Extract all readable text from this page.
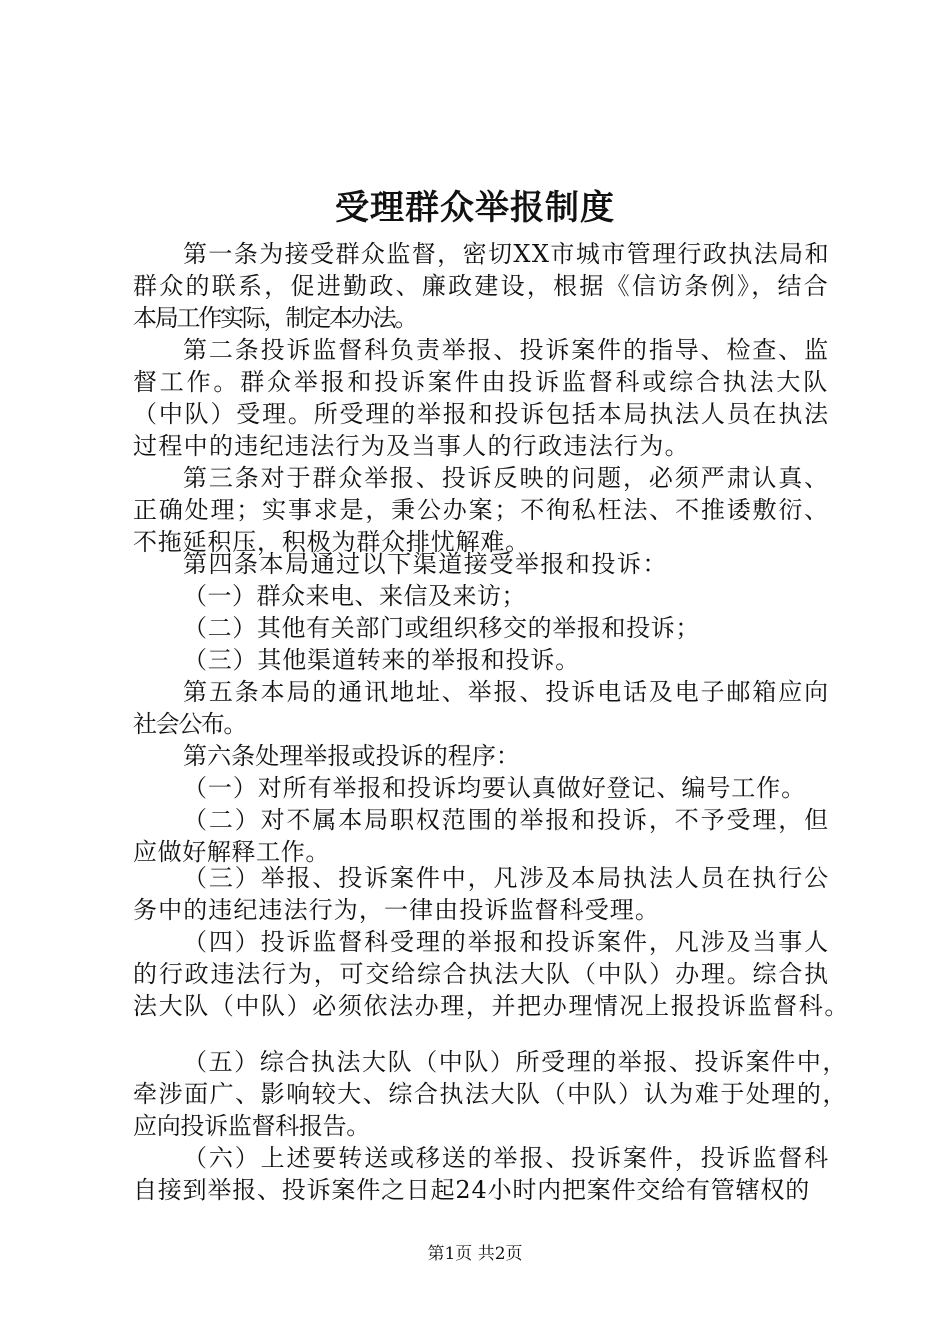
受理群众举报制度
第一条为接受群众监督，密切XX市城市管理行政执法局和
群众的联系，促进勤政、廉政建设，根据《信访条例》，结合
本局工作实际，制定本办法。
第二条投诉监督科负责举报、投诉案件的指导、检查、监
督工作。群众举报和投诉案件由投诉监督科或综合执法大队
（中队）受理。所受理的举报和投诉包括本局执法人员在执法
过程中的违纪违法行为及当事人的行政违法行为。
第三条对于群众举报、投诉反映的问题，必须严肃认真、
正确处理；实事求是，秉公办案；不徇私枉法、不推诿敷衍、
不拖延积压，积极为群众排忧解难。
第四条本局通过以下渠道接受举报和投诉：
（一）群众来电、来信及来访；
（二）其他有关部门或组织移交的举报和投诉；
（三）其他渠道转来的举报和投诉。
第五条本局的通讯地址、举报、投诉电话及电子邮箱应向
社会公布。
第六条处理举报或投诉的程序：
（一）对所有举报和投诉均要认真做好登记、编号工作。
（二）对不属本局职权范围的举报和投诉，不予受理，但
应做好解释工作。
（三）举报、投诉案件中，凡涉及本局执法人员在执行公
务中的违纪违法行为，一律由投诉监督科受理。
（四）投诉监督科受理的举报和投诉案件，凡涉及当事人
的行政违法行为，可交给综合执法大队（中队）办理。综合执
法大队（中队）必须依法办理，并把办理情况上报投诉监督科。
（五）综合执法大队（中队）所受理的举报、投诉案件中，
牵涉面广、影响较大、综合执法大队（中队）认为难于处理的，
应向投诉监督科报告。
（六）上述要转送或移送的举报、投诉案件，投诉监督科
自接到举报、投诉案件之日起24小时内把案件交给有管辖权的
第1页 共2页
